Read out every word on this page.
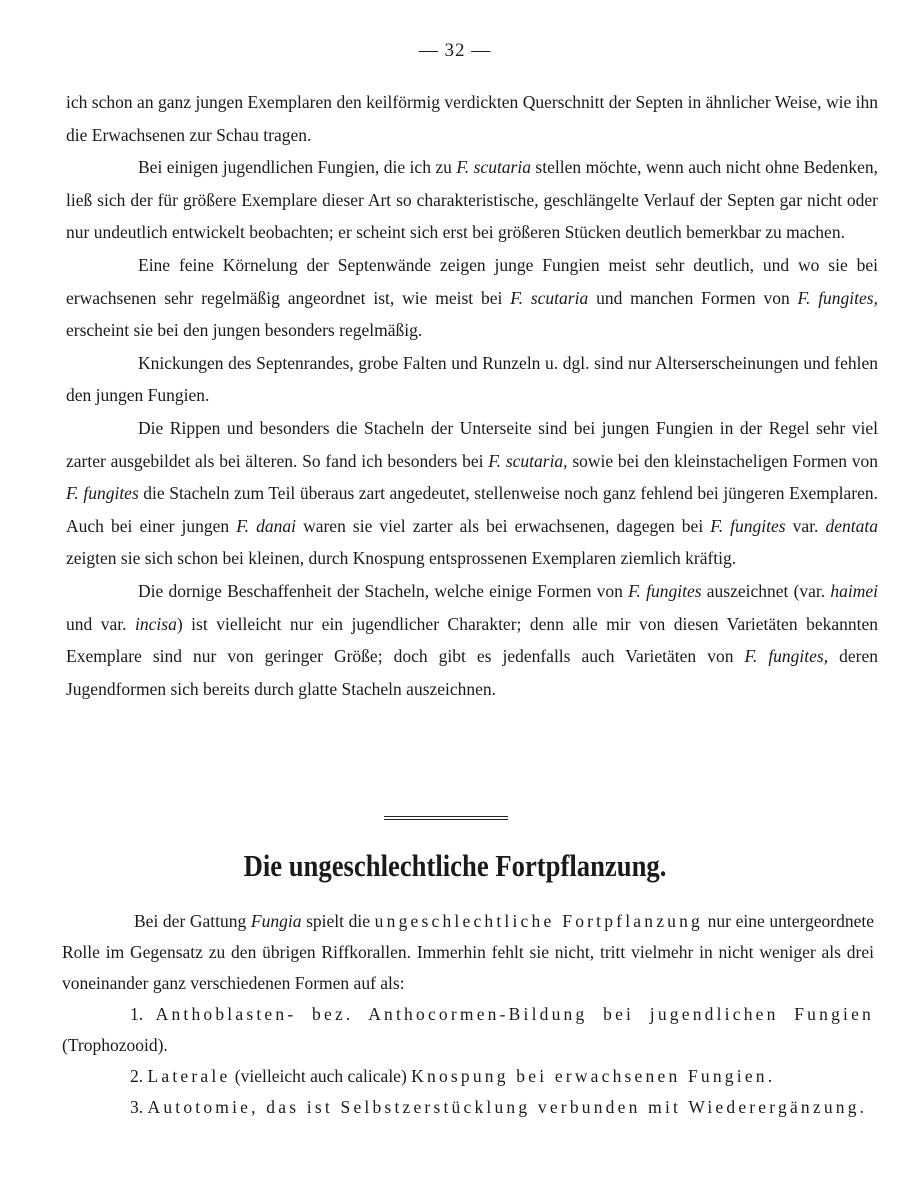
— 32 —

ich schon an ganz jungen Exemplaren den keilförmig verdickten Querschnitt der Septen in ähnlicher Weise, wie ihn die Erwachsenen zur Schau tragen.

Bei einigen jugendlichen Fungien, die ich zu F. scutaria stellen möchte, wenn auch nicht ohne Bedenken, ließ sich der für größere Exemplare dieser Art so charakteristische, geschlängelte Verlauf der Septen gar nicht oder nur undeutlich entwickelt beobachten; er scheint sich erst bei größeren Stücken deutlich bemerkbar zu machen.

Eine feine Körnelung der Septenwände zeigen junge Fungien meist sehr deutlich, und wo sie bei erwachsenen sehr regelmäßig angeordnet ist, wie meist bei F. scutaria und manchen Formen von F. fungites, erscheint sie bei den jungen besonders regelmäßig.

Knickungen des Septenrandes, grobe Falten und Runzeln u. dgl. sind nur Alterserscheinungen und fehlen den jungen Fungien.

Die Rippen und besonders die Stacheln der Unterseite sind bei jungen Fungien in der Regel sehr viel zarter ausgebildet als bei älteren. So fand ich besonders bei F. scutaria, sowie bei den kleinstacheligen Formen von F. fungites die Stacheln zum Teil überaus zart angedeutet, stellenweise noch ganz fehlend bei jüngeren Exemplaren. Auch bei einer jungen F. danai waren sie viel zarter als bei erwachsenen, dagegen bei F. fungites var. dentata zeigten sie sich schon bei kleinen, durch Knospung entsprossenen Exemplaren ziemlich kräftig.

Die dornige Beschaffenheit der Stacheln, welche einige Formen von F. fungites auszeichnet (var. haimei und var. incisa) ist vielleicht nur ein jugendlicher Charakter; denn alle mir von diesen Varietäten bekannten Exemplare sind nur von geringer Größe; doch gibt es jedenfalls auch Varietäten von F. fungites, deren Jugendformen sich bereits durch glatte Stacheln auszeichnen.

Die ungeschlechtliche Fortpflanzung.

Bei der Gattung Fungia spielt die ungeschlechtliche Fortpflanzung nur eine untergeordnete Rolle im Gegensatz zu den übrigen Riffkorallen. Immerhin fehlt sie nicht, tritt vielmehr in nicht weniger als drei voneinander ganz verschiedenen Formen auf als:

1. Anthoblasten- bez. Anthocormen-Bildung bei jugendlichen Fungien (Trophozooid).

2. Laterale (vielleicht auch calicale) Knospung bei erwachsenen Fungien.

3. Autotomie, das ist Selbstzerstücklung verbunden mit Wiederergänzung.
